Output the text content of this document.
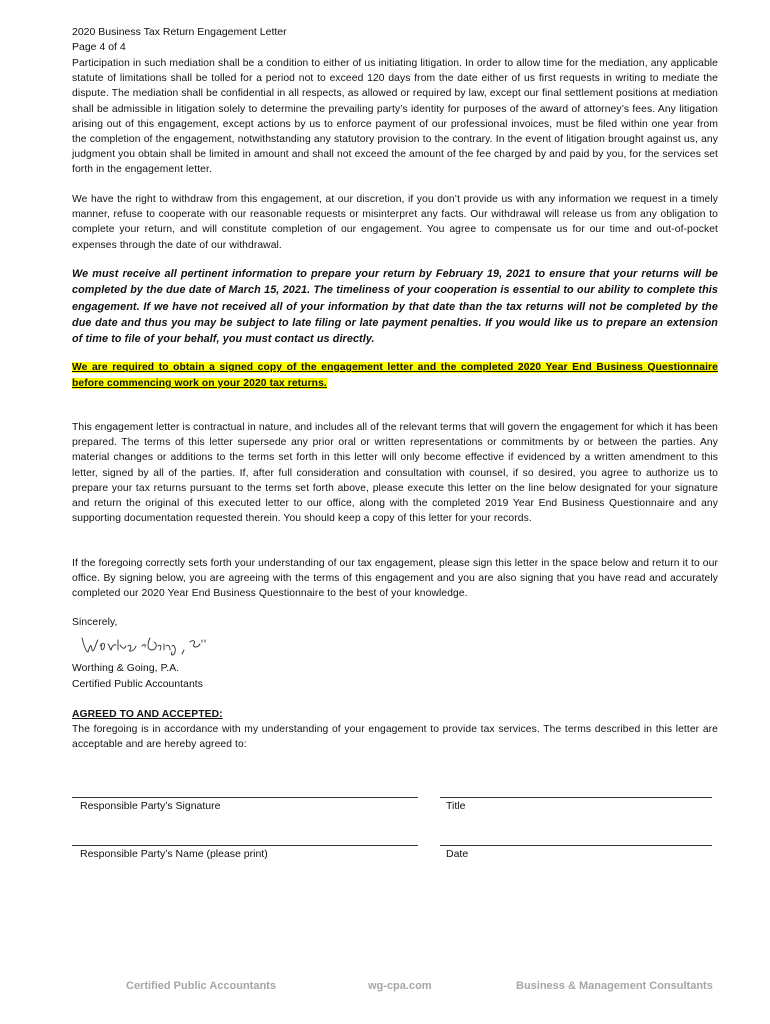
2020 Business Tax Return Engagement Letter
Page 4 of 4
Participation in such mediation shall be a condition to either of us initiating litigation. In order to allow time for the mediation, any applicable statute of limitations shall be tolled for a period not to exceed 120 days from the date either of us first requests in writing to mediate the dispute. The mediation shall be confidential in all respects, as allowed or required by law, except our final settlement positions at mediation shall be admissible in litigation solely to determine the prevailing party’s identity for purposes of the award of attorney’s fees. Any litigation arising out of this engagement, except actions by us to enforce payment of our professional invoices, must be filed within one year from the completion of the engagement, notwithstanding any statutory provision to the contrary. In the event of litigation brought against us, any judgment you obtain shall be limited in amount and shall not exceed the amount of the fee charged by and paid by you, for the services set forth in the engagement letter.
We have the right to withdraw from this engagement, at our discretion, if you don’t provide us with any information we request in a timely manner, refuse to cooperate with our reasonable requests or misinterpret any facts. Our withdrawal will release us from any obligation to complete your return, and will constitute completion of our engagement. You agree to compensate us for our time and out-of-pocket expenses through the date of our withdrawal.
We must receive all pertinent information to prepare your return by February 19, 2021 to ensure that your returns will be completed by the due date of March 15, 2021. The timeliness of your cooperation is essential to our ability to complete this engagement. If we have not received all of your information by that date than the tax returns will not be completed by the due date and thus you may be subject to late filing or late payment penalties. If you would like us to prepare an extension of time to file of your behalf, you must contact us directly.
We are required to obtain a signed copy of the engagement letter and the completed 2020 Year End Business Questionnaire before commencing work on your 2020 tax returns.
This engagement letter is contractual in nature, and includes all of the relevant terms that will govern the engagement for which it has been prepared. The terms of this letter supersede any prior oral or written representations or commitments by or between the parties. Any material changes or additions to the terms set forth in this letter will only become effective if evidenced by a written amendment to this letter, signed by all of the parties. If, after full consideration and consultation with counsel, if so desired, you agree to authorize us to prepare your tax returns pursuant to the terms set forth above, please execute this letter on the line below designated for your signature and return the original of this executed letter to our office, along with the completed 2019 Year End Business Questionnaire and any supporting documentation requested therein. You should keep a copy of this letter for your records.
If the foregoing correctly sets forth your understanding of our tax engagement, please sign this letter in the space below and return it to our office. By signing below, you are agreeing with the terms of this engagement and you are also signing that you have read and accurately completed our 2020 Year End Business Questionnaire to the best of your knowledge.
Sincerely,
Worthing & Going, P.A.
Certified Public Accountants
AGREED TO AND ACCEPTED:
The foregoing is in accordance with my understanding of your engagement to provide tax services. The terms described in this letter are acceptable and are hereby agreed to:
Responsible Party’s Signature	Title
Responsible Party’s Name (please print)	Date
Certified Public Accountants	wg-cpa.com	Business & Management Consultants
